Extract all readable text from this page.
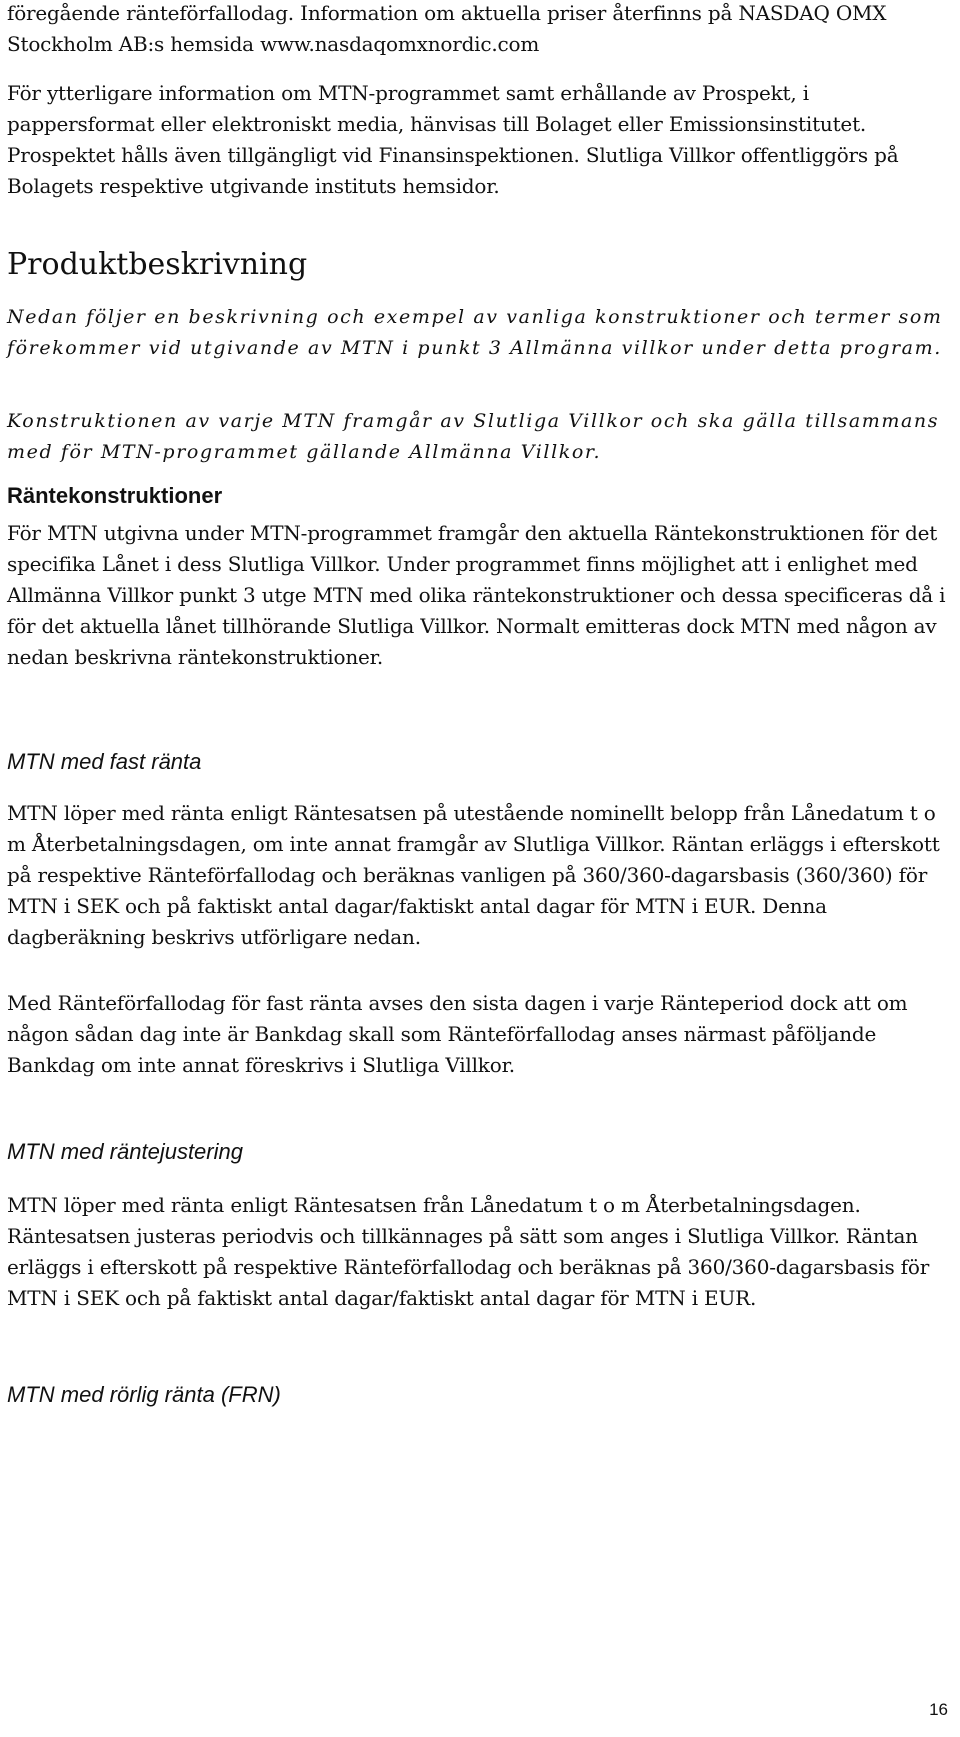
föregående ränteförfallodag. Information om aktuella priser återfinns på NASDAQ OMX Stockholm AB:s hemsida www.nasdaqomxnordic.com

För ytterligare information om MTN-programmet samt erhållande av Prospekt, i pappersformat eller elektroniskt media, hänvisas till Bolaget eller Emissionsinstitutet. Prospektet hålls även tillgängligt vid Finansinspektionen. Slutliga Villkor offentliggörs på Bolagets respektive utgivande instituts hemsidor.

Produktbeskrivning

Nedan följer en beskrivning och exempel av vanliga konstruktioner och termer som förekommer vid utgivande av MTN i punkt 3 Allmänna villkor under detta program.

Konstruktionen av varje MTN framgår av Slutliga Villkor och ska gälla tillsammans med för MTN-programmet gällande Allmänna Villkor.

Räntekonstruktioner

För MTN utgivna under MTN-programmet framgår den aktuella Räntekonstruktionen för det specifika Lånet i dess Slutliga Villkor. Under programmet finns möjlighet att i enlighet med Allmänna Villkor punkt 3 utge MTN med olika räntekonstruktioner och dessa specificeras då i för det aktuella lånet tillhörande Slutliga Villkor. Normalt emitteras dock MTN med någon av nedan beskrivna räntekonstruktioner.

MTN med fast ränta

MTN löper med ränta enligt Räntesatsen på utestående nominellt belopp från Lånedatum t o m Återbetalningsdagen, om inte annat framgår av Slutliga Villkor. Räntan erläggs i efterskott på respektive Ränteförfallodag och beräknas vanligen på 360/360-dagarsbasis (360/360) för MTN i SEK och på faktiskt antal dagar/faktiskt antal dagar för MTN i EUR. Denna dagberäkning beskrivs utförligare nedan.

Med Ränteförfallodag för fast ränta avses den sista dagen i varje Ränteperiod dock att om någon sådan dag inte är Bankdag skall som Ränteförfallodag anses närmast påföljande Bankdag om inte annat föreskrivs i Slutliga Villkor.

MTN med räntejustering

MTN löper med ränta enligt Räntesatsen från Lånedatum t o m Återbetalningsdagen. Räntesatsen justeras periodvis och tillkännages på sätt som anges i Slutliga Villkor. Räntan erläggs i efterskott på respektive Ränteförfallodag och beräknas på 360/360-dagarsbasis för MTN i SEK och på faktiskt antal dagar/faktiskt antal dagar för MTN i EUR.

MTN med rörlig ränta (FRN)
16
